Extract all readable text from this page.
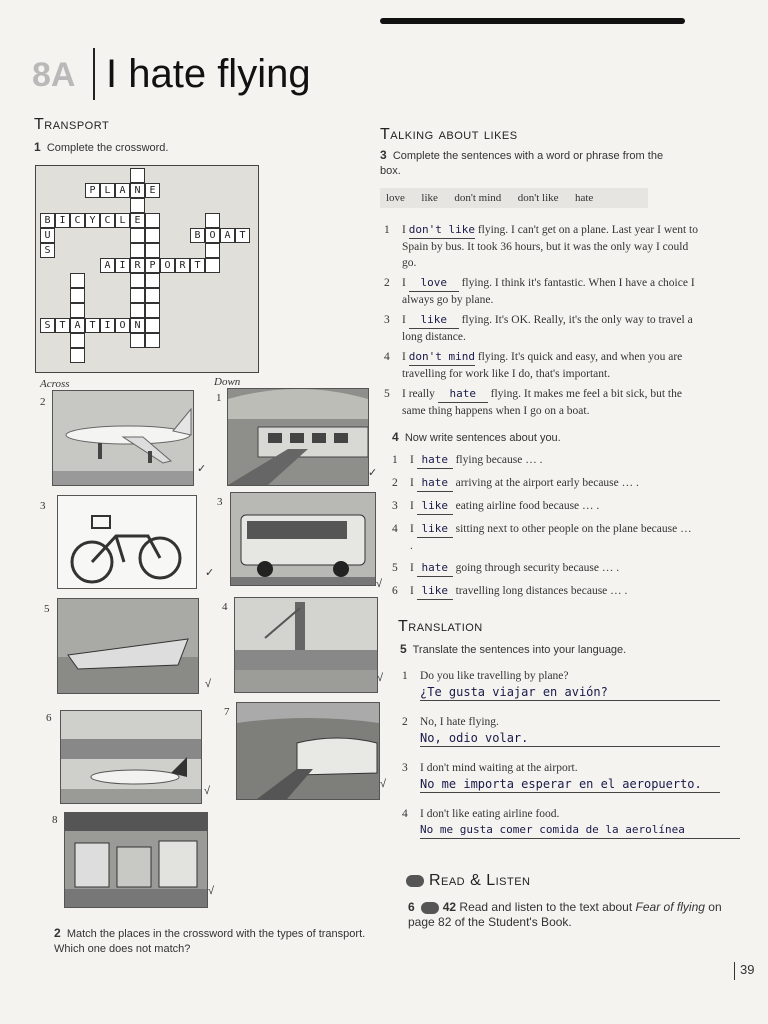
8A I hate flying
Transport
1 Complete the crossword.
P L A N E
B I C Y C L E
B O A T
A I R P O R T
S T A T I O N
U
S
Across	Down
2
✓
1
✓
3
✓
3
√
5
√
4
√
6
√
7
√
8
√
2 Match the places in the crossword with the types of transport. Which one does not match?
Talking about likes
3 Complete the sentences with a word or phrase from the box.
love like don't mind don't like hate
1	I don't like flying. I can't get on a plane. Last year I went to Spain by bus. It took 36 hours, but it was the only way I could go.
2	I love flying. I think it's fantastic. When I have a choice I always go by plane.
3	I like flying. It's OK. Really, it's the only way to travel a long distance.
4	I don't mind flying. It's quick and easy, and when you are travelling for work like I do, that's important.
5	I really hate flying. It makes me feel a bit sick, but the same thing happens when I go on a boat.
4 Now write sentences about you.
1	I hate flying because … .
2	I hate arriving at the airport early because … .
3	I like eating airline food because … .
4	I like sitting next to other people on the plane because … .
5	I hate going through security because … .
6	I like travelling long distances because … .
Translation
5 Translate the sentences into your language.
1 Do you like travelling by plane?
¿Te gusta viajar en avión?
2 No, I hate flying.
No, odio volar.
3 I don't mind waiting at the airport.
No me importa esperar en el aeropuerto.
4 I don't like eating airline food.
No me gusta comer comida de la aerolínea
Read & Listen
6 42 Read and listen to the text about Fear of flying on page 82 of the Student's Book.
39
